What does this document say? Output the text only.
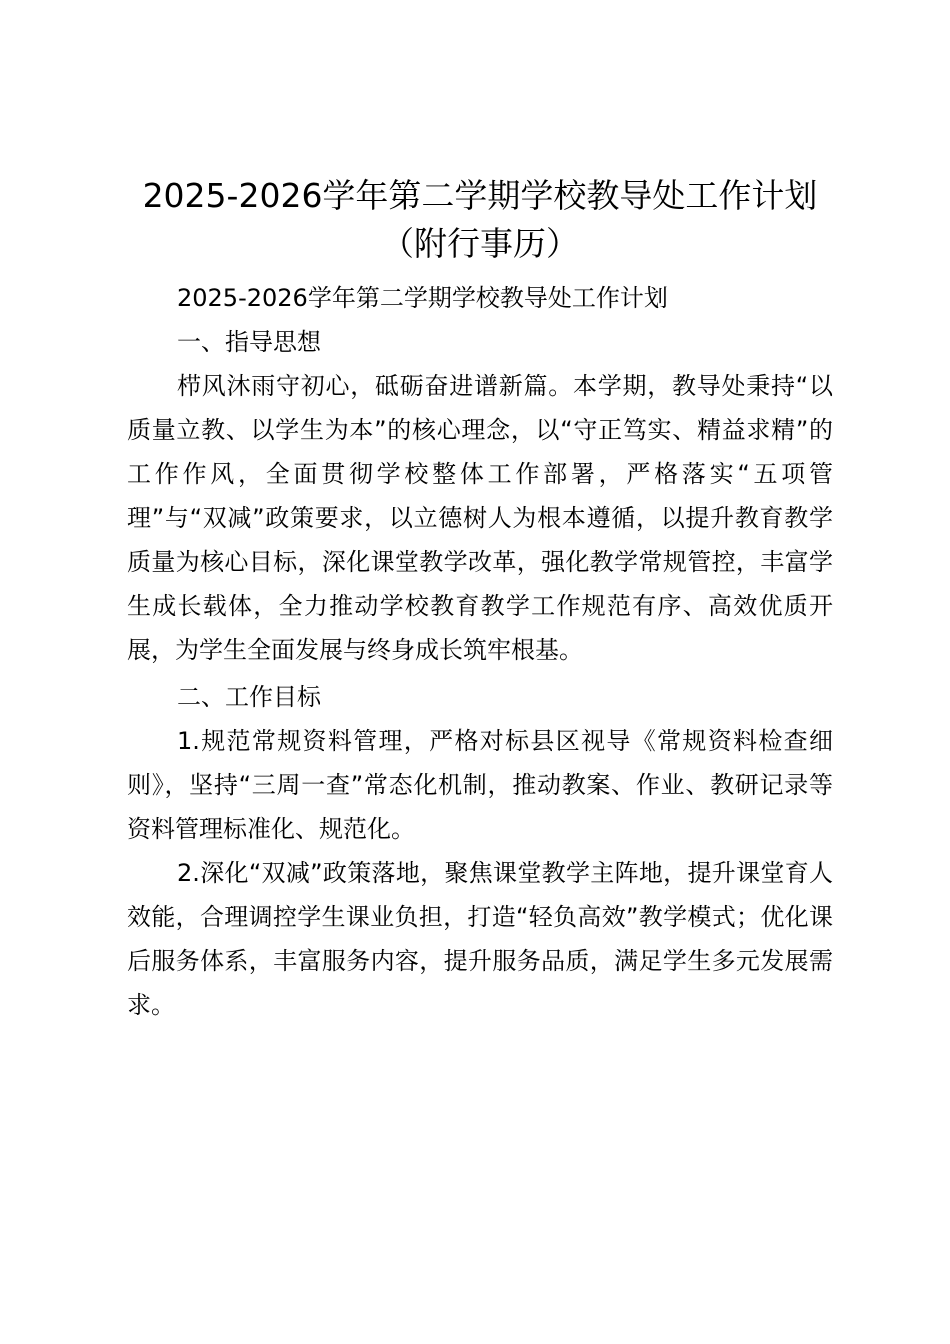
2025-2026学年第二学期学校教导处工作计划（附行事历）

2025-2026学年第二学期学校教导处工作计划

一、指导思想

栉风沐雨守初心，砥砺奋进谱新篇。本学期，教导处秉持“以质量立教、以学生为本”的核心理念，以“守正笃实、精益求精”的工作作风，全面贯彻学校整体工作部署，严格落实“五项管理”与“双减”政策要求，以立德树人为根本遵循，以提升教育教学质量为核心目标，深化课堂教学改革，强化教学常规管控，丰富学生成长载体，全力推动学校教育教学工作规范有序、高效优质开展，为学生全面发展与终身成长筑牢根基。

二、工作目标

1.规范常规资料管理，严格对标县区视导《常规资料检查细则》，坚持“三周一查”常态化机制，推动教案、作业、教研记录等资料管理标准化、规范化。

2.深化“双减”政策落地，聚焦课堂教学主阵地，提升课堂育人效能，合理调控学生课业负担，打造“轻负高效”教学模式；优化课后服务体系，丰富服务内容，提升服务品质，满足学生多元发展需求。
